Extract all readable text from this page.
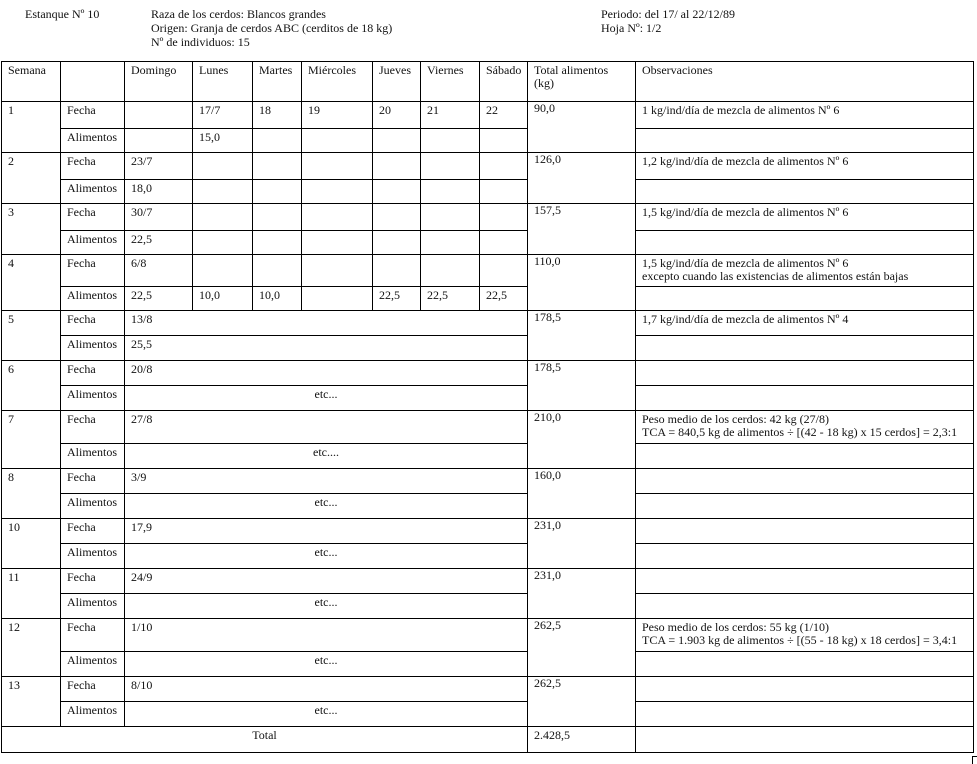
Estanque Nº 10	Raza de los cerdos: Blancos grandes
Origen: Granja de cerdos ABC (cerditos de 18 kg)
Nº de individuos: 15
Periodo: del 17/ al 22/12/89
Hoja Nº: 1/2
Semana		Domingo	Lunes	Martes	Miércoles	Jueves	Viernes	Sábado	Total alimentos (kg)	Observaciones
1	Fecha		17/7	18	19	20	21	22	90,0	1 kg/ind/día de mezcla de alimentos Nº 6

	Alimentos		15,0							
2	Fecha	23/7							126,0	1,2 kg/ind/día de mezcla de alimentos Nº 6

	Alimentos	18,0								
3	Fecha	30/7							157,5	1,5 kg/ind/día de mezcla de alimentos Nº 6

	Alimentos	22,5								
4	Fecha	6/8							110,0	1,5 kg/ind/día de mezcla de alimentos Nº 6
excepto cuando las existencias de alimentos están bajas

	Alimentos	22,5	10,0	10,0		22,5	22,5	22,5		
5	Fecha	13/8							178,5	1,7 kg/ind/día de mezcla de alimentos Nº 4

	Alimentos	25,5								
6	Fecha	20/8							178,5	
	Alimentos	etc...								
7	Fecha	27/8							210,0	Peso medio de los cerdos: 42 kg (27/8)
TCA = 840,5 kg de alimentos ÷ [(42 - 18 kg) x 15 cerdos] = 2,3:1

	Alimentos	etc....								
8	Fecha	3/9							160,0	
	Alimentos	etc...								
10	Fecha	17,9							231,0	
	Alimentos	etc...								
11	Fecha	24/9							231,0	
	Alimentos	etc...								
12	Fecha	1/10							262,5	Peso medio de los cerdos: 55 kg (1/10)
TCA = 1.903 kg de alimentos ÷ [(55 - 18 kg) x 18 cerdos] = 3,4:1

	Alimentos	etc...								
13	Fecha	8/10							262,5	
	Alimentos	etc...								
Total									2.428,5	
